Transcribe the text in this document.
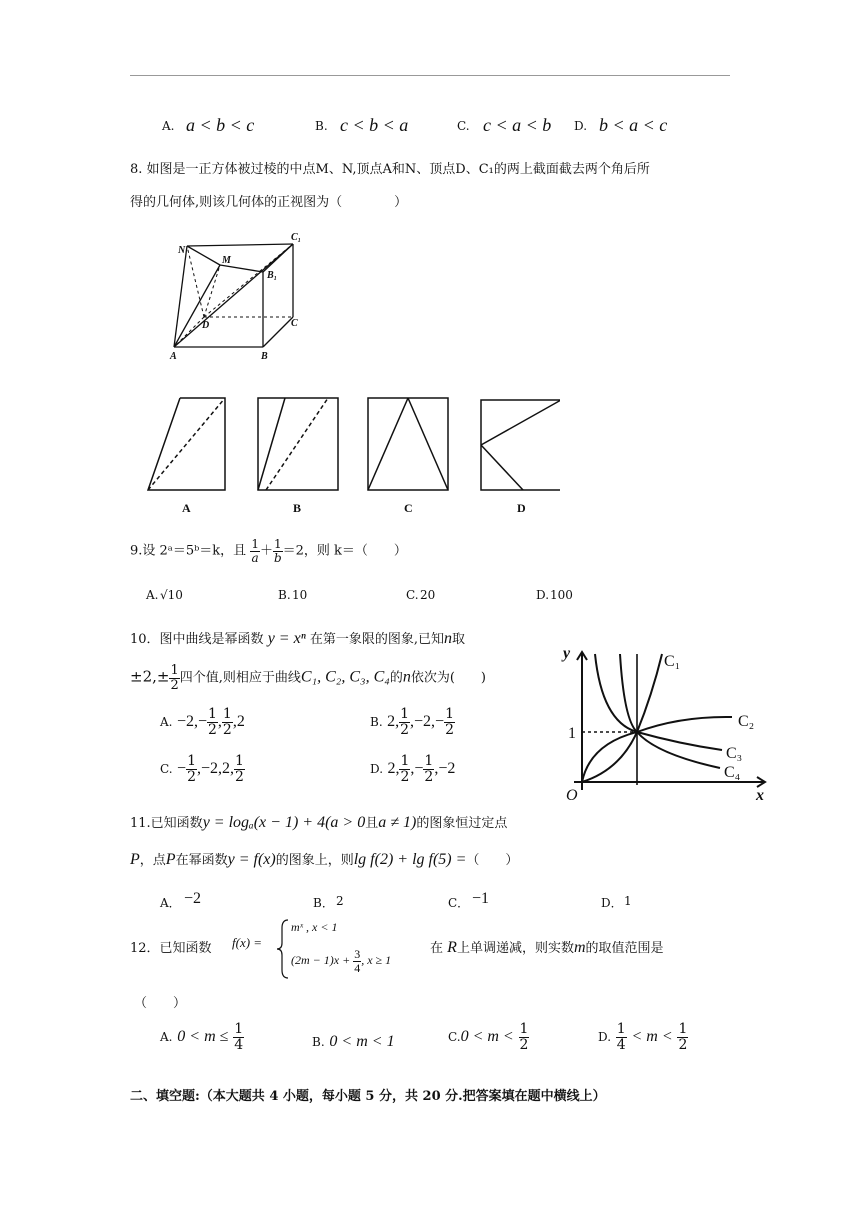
A. a < b < c	B. c < b < a	C. c < a < b D. b < a < c
8. 如图是一正方体被过棱的中点M、N,顶点A和N、顶点D、C₁的两上截面截去两个角后所
得的几何体,则该几何体的正视图为（　　　　）
N
M
C₁
B₁
D	C
A	B
A	B	C	D
9.设 2ᵃ＝5ᵇ＝k，且 $\frac{1}{a} + \frac{1}{b} =2$，则 k＝（　　）
A. √10	B. 10	C. 20	D. 100
10．图中曲线是幂函数 y = xⁿ 在第一象限的图象,已知n取
$\pm 2,\pm \frac{1}{2}$ 四个值,则相应于曲线C₁, C₂, C₃, C₄的n依次为(　　)
A. $-2,- \frac{1}{2}$ , $\frac{1}{2} ,2$	B. 2, $\frac{1}{2} ,-2,- \frac{1}{2}$
C. − $\frac{1}{2} ,-2,2$, $\frac{1}{2}$	D. 2, $\frac{1}{2}$ ,− $\frac{1}{2} ,-2$
y
x
O
1
C₁
C₂
C₃
C₄
11.已知函数y = logₐ(x − 1) + 4(a > 0且a ≠ 1)的图象恒过定点
P，点P在幂函数y = f(x)的图象上，则lg f(2) + lg f(5) =（　　）
A． −2	B． 2	C． −1	D． 1
12．已知函数 f(x) =
mˣ , x < 1
$(2m - 1)x + \frac{3}{4}$ , x ≥ 1
在 R上单调递减，则实数m的取值范围是
（　　）
A. $0 < m \le \frac{1}{4}$	B. 0 < m < 1	$C.0 < m < \frac{1}{2}$	D. $\frac{1}{4} < m < \frac{1}{2}$
二、填空题:（本大题共 4 小题，每小题 5 分，共 20 分.把答案填在题中横线上）
